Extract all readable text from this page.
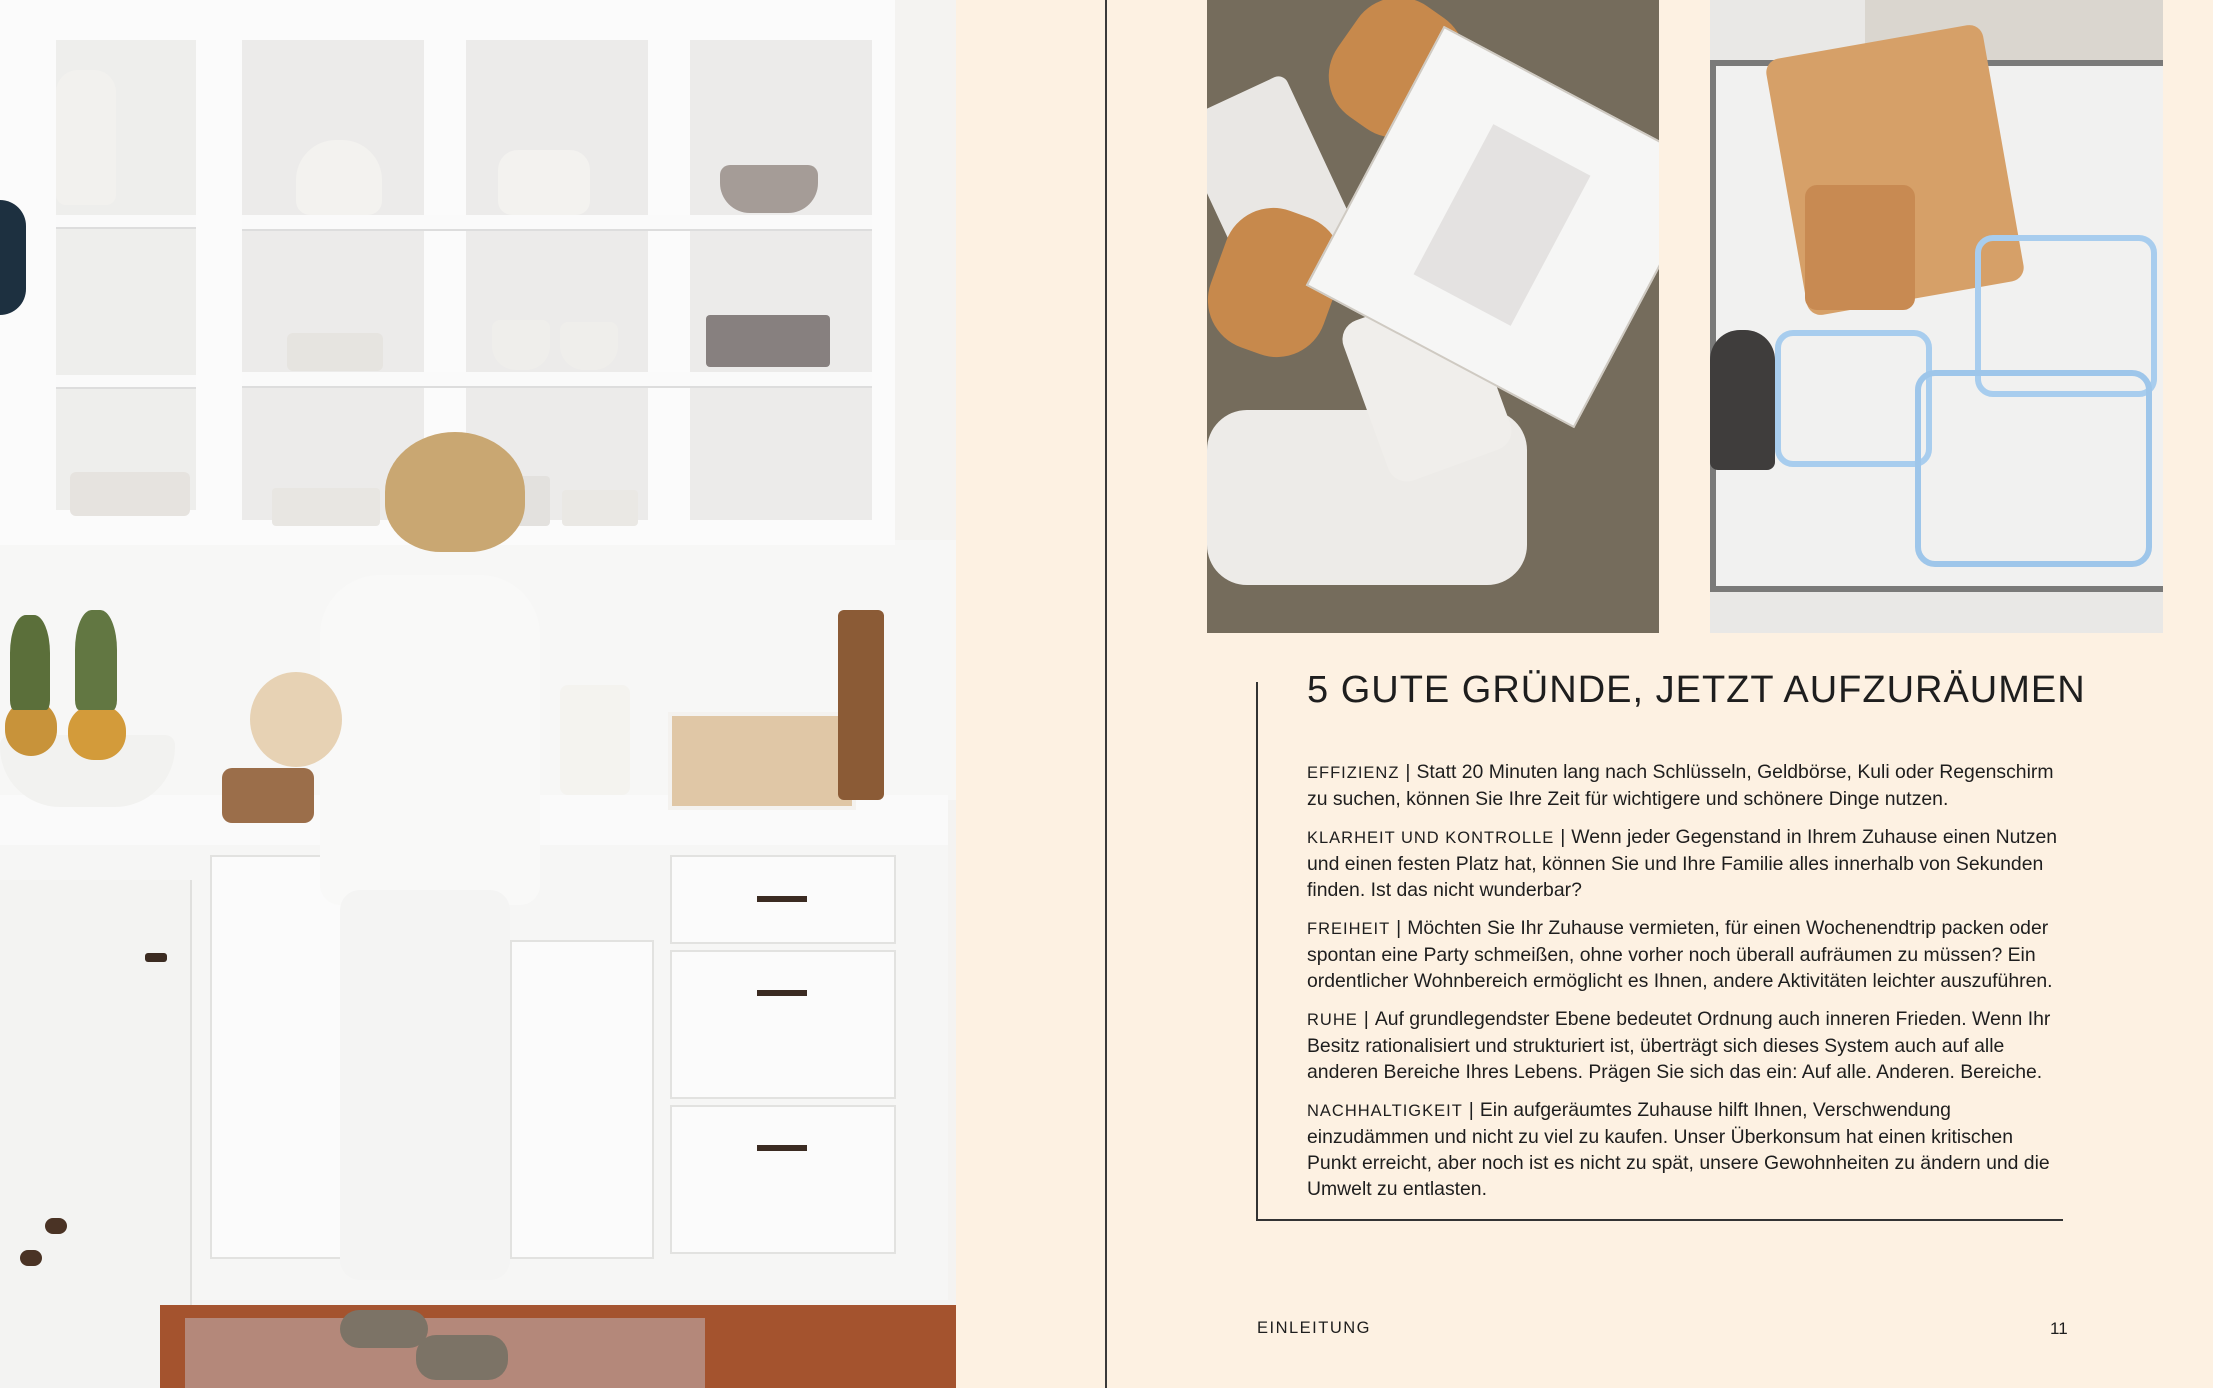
5 GUTE GRÜNDE, JETZT AUFZURÄUMEN

EFFIZIENZ | Statt 20 Minuten lang nach Schlüsseln, Geldbörse, Kuli oder Regenschirm zu suchen, können Sie Ihre Zeit für wichtigere und schönere Dinge nutzen.

KLARHEIT UND KONTROLLE | Wenn jeder Gegenstand in Ihrem Zuhause einen Nutzen und einen festen Platz hat, können Sie und Ihre Familie alles innerhalb von Sekunden finden. Ist das nicht wunderbar?

FREIHEIT | Möchten Sie Ihr Zuhause vermieten, für einen Wochenendtrip packen oder spontan eine Party schmeißen, ohne vorher noch überall aufräumen zu müssen? Ein ordentlicher Wohnbereich ermöglicht es Ihnen, andere Aktivitäten leichter auszuführen.

RUHE | Auf grundlegendster Ebene bedeutet Ordnung auch inneren Frieden. Wenn Ihr Besitz rationalisiert und strukturiert ist, überträgt sich dieses System auch auf alle anderen Bereiche Ihres Lebens. Prägen Sie sich das ein: Auf alle. Anderen. Bereiche.

NACHHALTIGKEIT | Ein aufgeräumtes Zuhause hilft Ihnen, Verschwendung einzudämmen und nicht zu viel zu kaufen. Unser Überkonsum hat einen kritischen Punkt erreicht, aber noch ist es nicht zu spät, unsere Gewohnheiten zu ändern und die Umwelt zu entlasten.

EINLEITUNG	11
